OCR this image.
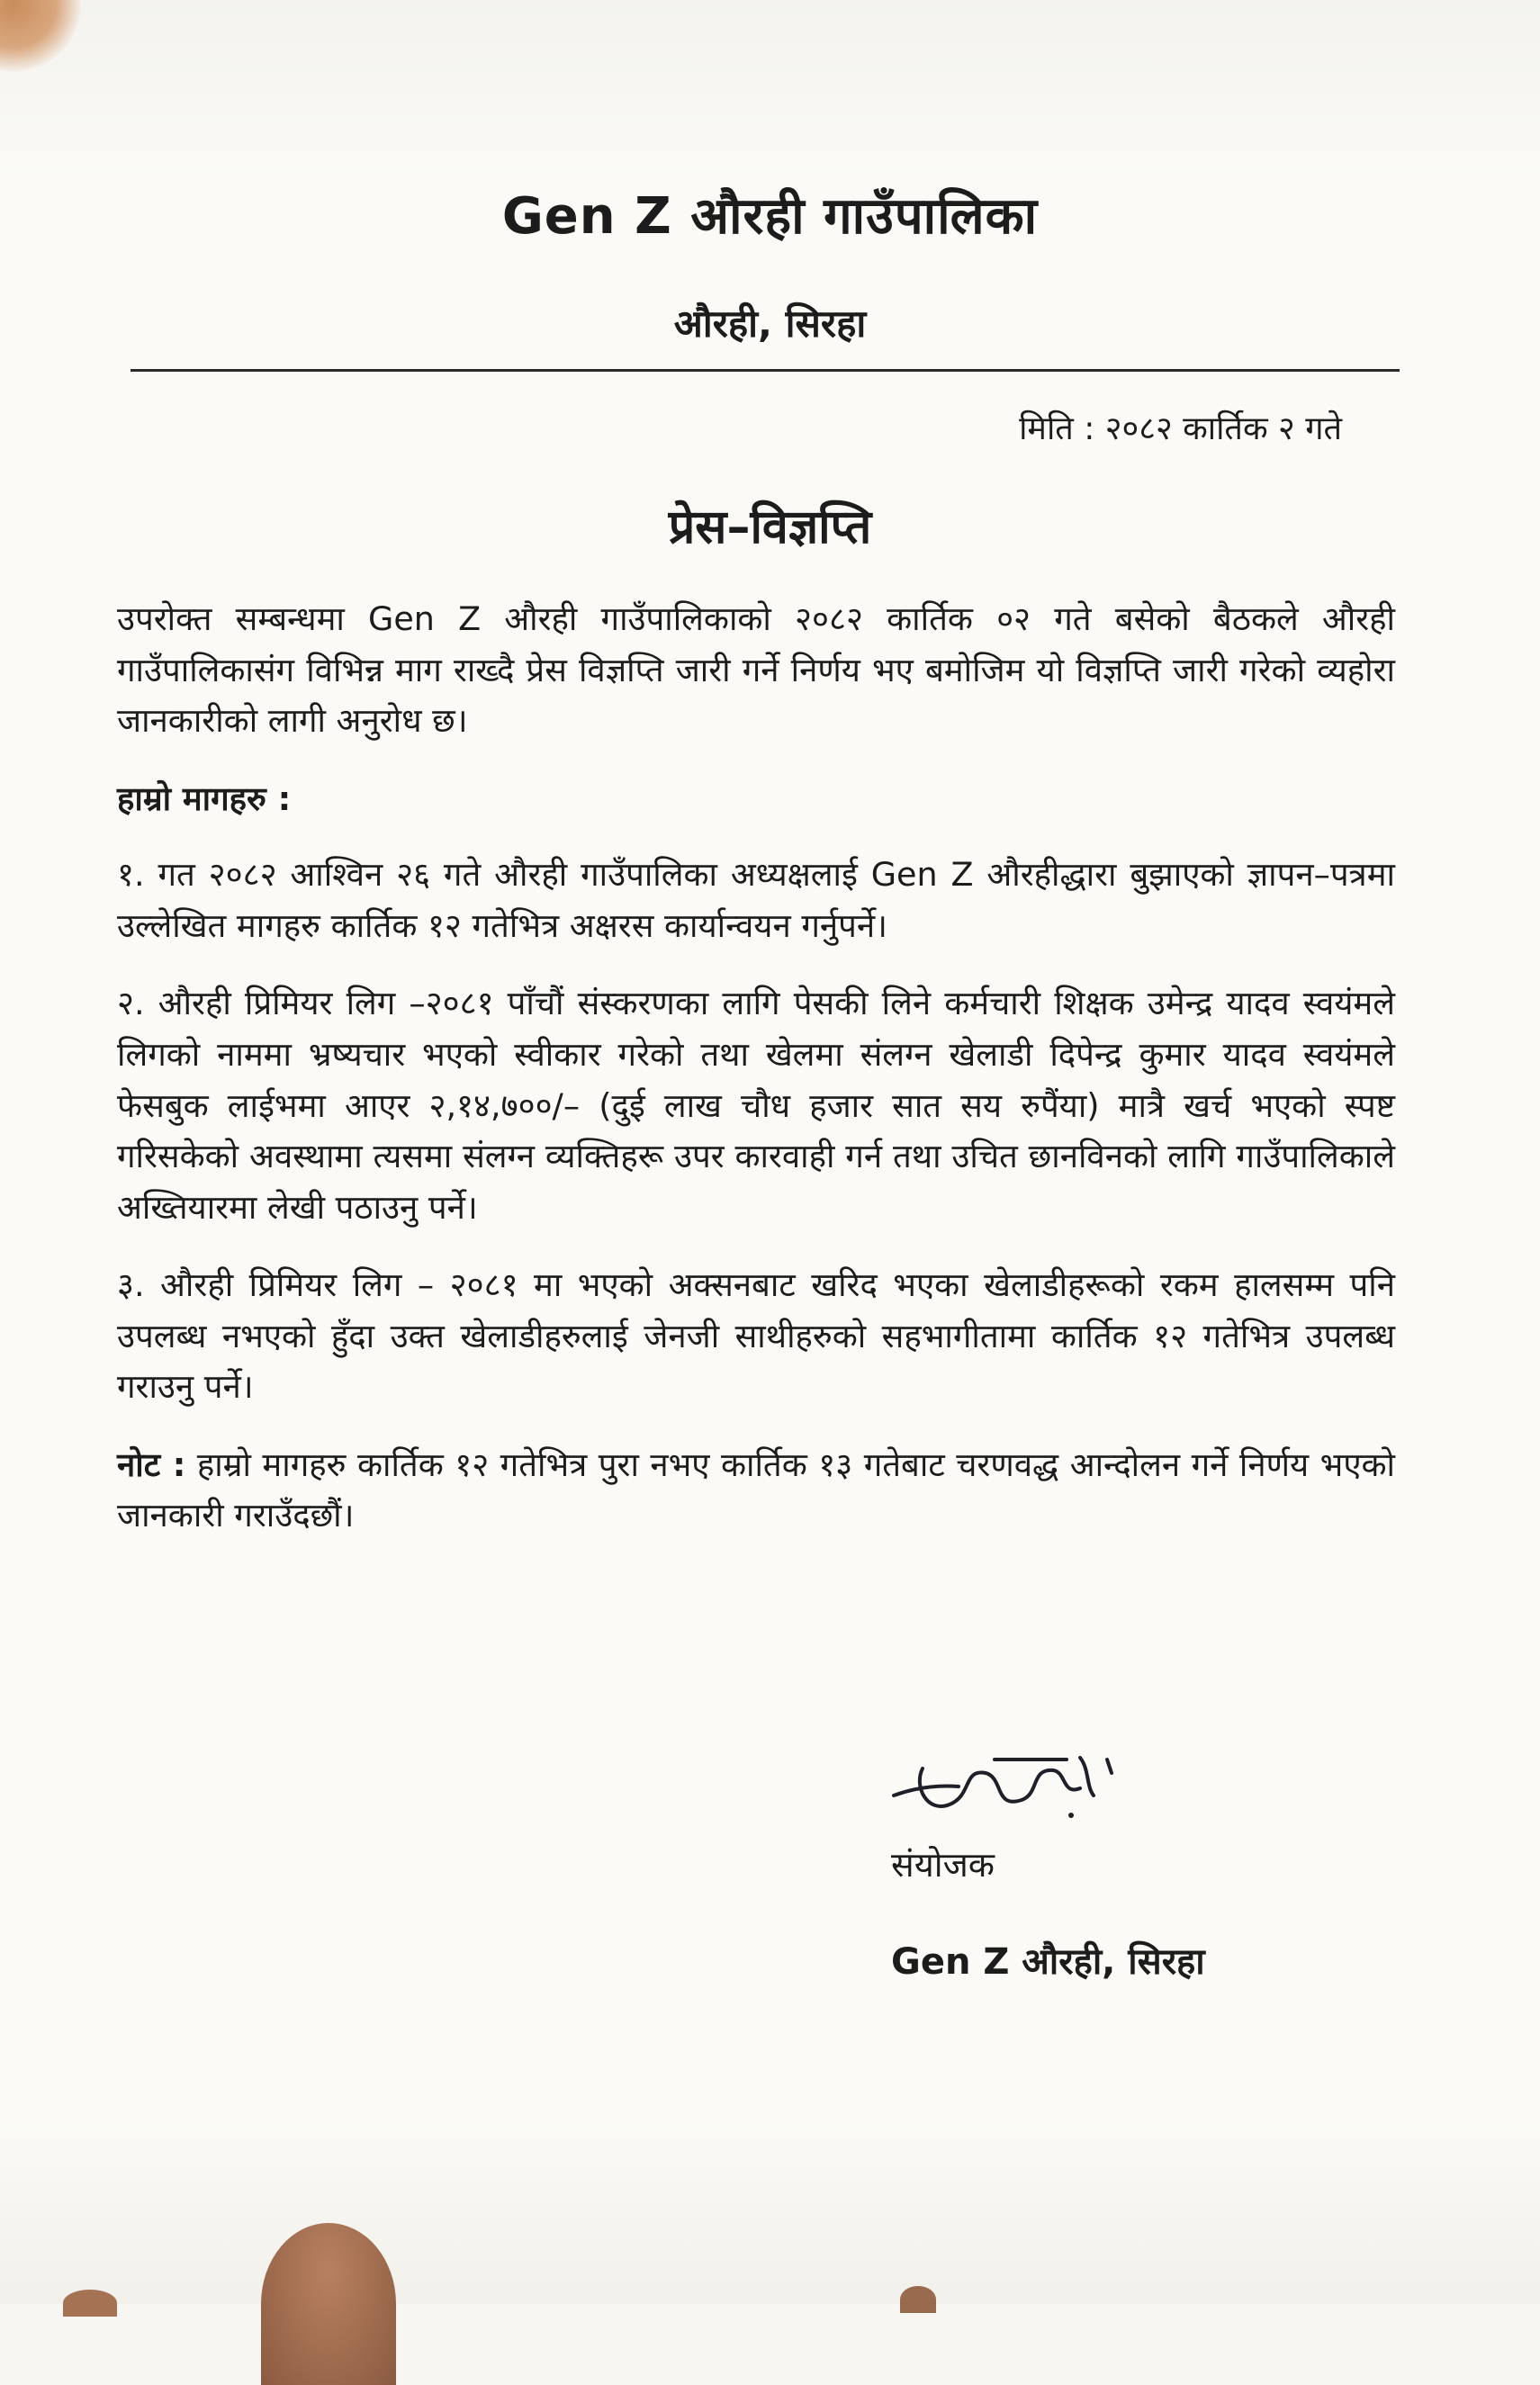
Gen Z औरही गाउँपालिका
औरही, सिरहा
मिति : २०८२ कार्तिक २ गते
प्रेस–विज्ञप्ति

उपरोक्त सम्बन्धमा Gen Z औरही गाउँपालिकाको २०८२ कार्तिक ०२ गते बसेको बैठकले औरही गाउँपालिकासंग विभिन्न माग राख्दै प्रेस विज्ञप्ति जारी गर्ने निर्णय भए बमोजिम यो विज्ञप्ति जारी गरेको व्यहोरा जानकारीको लागी अनुरोध छ।

हाम्रो मागहरु :

१. गत २०८२ आश्विन २६ गते औरही गाउँपालिका अध्यक्षलाई Gen Z औरहीद्धारा बुझाएको ज्ञापन–पत्रमा उल्लेखित मागहरु कार्तिक १२ गतेभित्र अक्षरस कार्यान्वयन गर्नुपर्ने।

२. औरही प्रिमियर लिग –२०८१ पाँचौं संस्करणका लागि पेसकी लिने कर्मचारी शिक्षक उमेन्द्र यादव स्वयंमले लिगको नाममा भ्रष्यचार भएको स्वीकार गरेको तथा खेलमा संलग्न खेलाडी दिपेन्द्र कुमार यादव स्वयंमले फेसबुक लाईभमा आएर २,१४,७००/– (दुई लाख चौध हजार सात सय रुपैंया) मात्रै खर्च भएको स्पष्ट गरिसकेको अवस्थामा त्यसमा संलग्न व्यक्तिहरू उपर कारवाही गर्न तथा उचित छानविनको लागि गाउँपालिकाले अख्तियारमा लेखी पठाउनु पर्ने।

३. औरही प्रिमियर लिग – २०८१ मा भएको अक्सनबाट खरिद भएका खेलाडीहरूको रकम हालसम्म पनि उपलब्ध नभएको हुँदा उक्त खेलाडीहरुलाई जेनजी साथीहरुको सहभागीतामा कार्तिक १२ गतेभित्र उपलब्ध गराउनु पर्ने।

नोट : हाम्रो मागहरु कार्तिक १२ गतेभित्र पुरा नभए कार्तिक १३ गतेबाट चरणवद्ध आन्दोलन गर्ने निर्णय भएको जानकारी गराउँदछौं।

संयोजक
Gen Z औरही, सिरहा
